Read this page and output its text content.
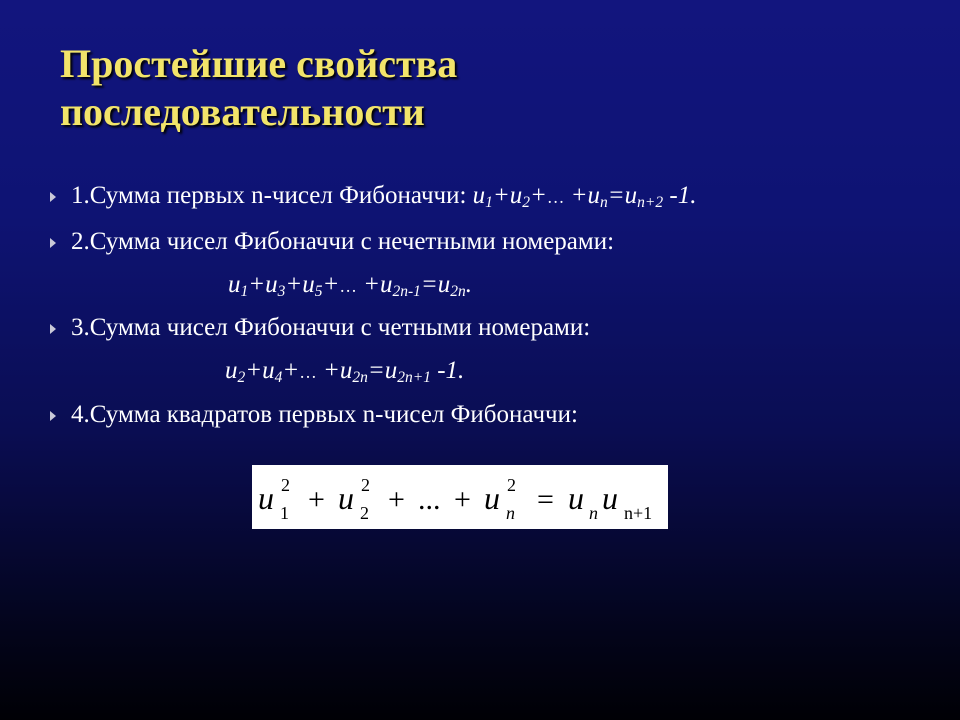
Простейшие свойства
последовательности
1.Сумма первых n-чисел Фибоначчи: $u_1+u_2+\dots +u_n=u_{n+2}$ -1.
2.Сумма чисел Фибоначчи с нечетными номерами:
$u_1+u_3+u_5+\dots +u_{2n-1}=u_{2n}$.
3.Сумма чисел Фибоначчи с четными номерами:
$u_2+u_4+\dots +u_{2n}=u_{2n+1}$ -1.
4.Сумма квадратов первых n-чисел Фибоначчи:
u 2
1 + u 2
2 + ... + u 2
n = u n u n+1
